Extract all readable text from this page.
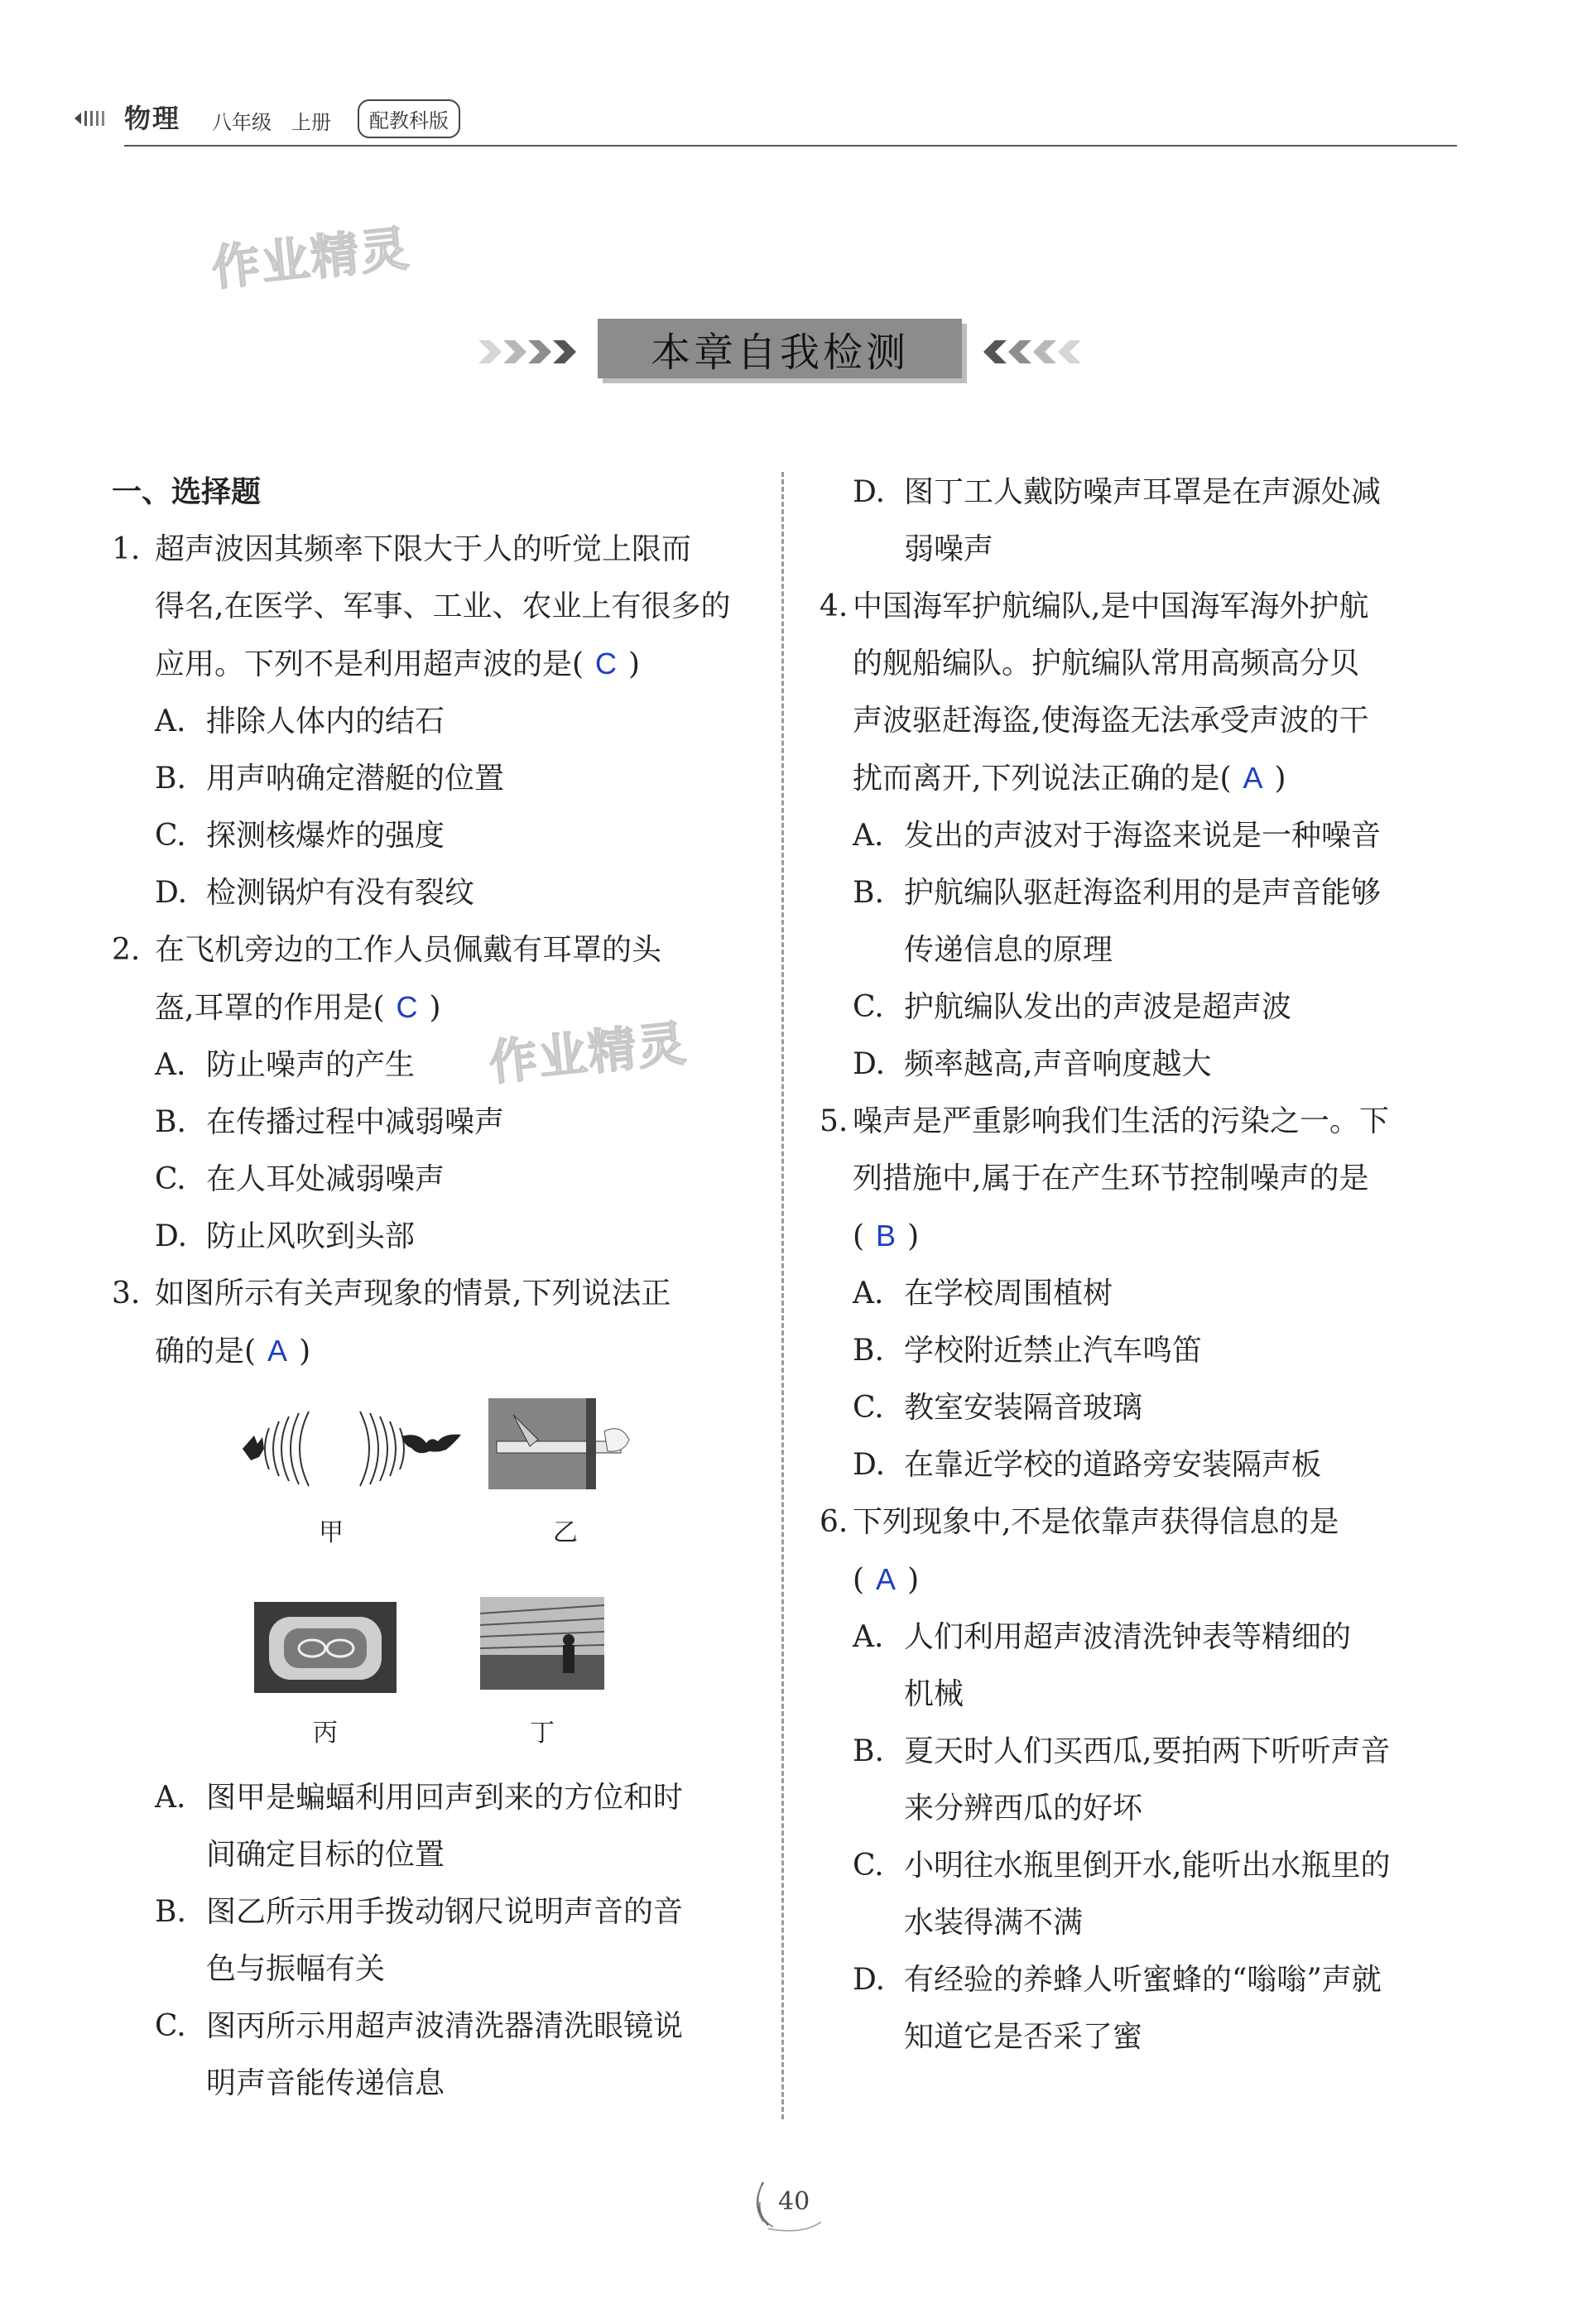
物理 八年级 上册	配教科版
作业精灵
作业精灵
本章自我检测
一、选择题
1. 超声波因其频率下限大于人的听觉上限而
得名,在医学、军事、工业、农业上有很多的
应用。下列不是利用超声波的是( C )
A. 排除人体内的结石
B. 用声呐确定潜艇的位置
C. 探测核爆炸的强度
D. 检测锅炉有没有裂纹
2. 在飞机旁边的工作人员佩戴有耳罩的头
盔,耳罩的作用是( C )
A. 防止噪声的产生
B. 在传播过程中减弱噪声
C. 在人耳处减弱噪声
D. 防止风吹到头部
3. 如图所示有关声现象的情景,下列说法正
确的是( A )
甲	乙
丙	丁
A. 图甲是蝙蝠利用回声到来的方位和时
间确定目标的位置
B. 图乙所示用手拨动钢尺说明声音的音
色与振幅有关
C. 图丙所示用超声波清洗器清洗眼镜说
明声音能传递信息
D. 图丁工人戴防噪声耳罩是在声源处减
弱噪声
4. 中国海军护航编队,是中国海军海外护航
的舰船编队。护航编队常用高频高分贝
声波驱赶海盗,使海盗无法承受声波的干
扰而离开,下列说法正确的是( A )
A. 发出的声波对于海盗来说是一种噪音
B. 护航编队驱赶海盗利用的是声音能够
传递信息的原理
C. 护航编队发出的声波是超声波
D. 频率越高,声音响度越大
5. 噪声是严重影响我们生活的污染之一。下
列措施中,属于在产生环节控制噪声的是
( B )
A. 在学校周围植树
B. 学校附近禁止汽车鸣笛
C. 教室安装隔音玻璃
D. 在靠近学校的道路旁安装隔声板
6. 下列现象中,不是依靠声获得信息的是
( A )
A. 人们利用超声波清洗钟表等精细的
机械
B. 夏天时人们买西瓜,要拍两下听听声音
来分辨西瓜的好坏
C. 小明往水瓶里倒开水,能听出水瓶里的
水装得满不满
D. 有经验的养蜂人听蜜蜂的“嗡嗡”声就
知道它是否采了蜜
40
